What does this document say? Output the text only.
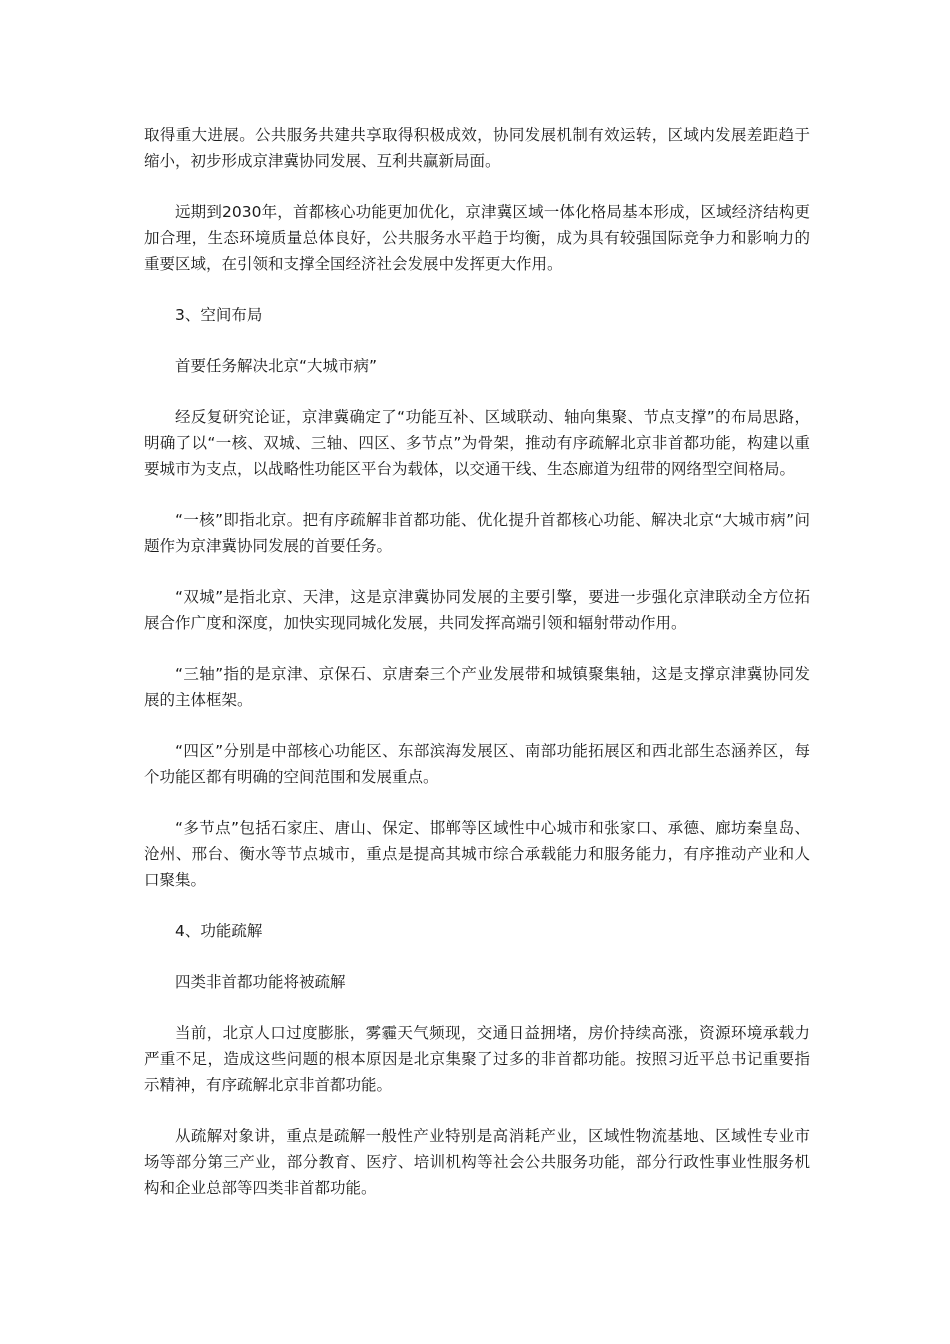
取得重大进展。公共服务共建共享取得积极成效，协同发展机制有效运转，区域内发展差距趋于缩小，初步形成京津冀协同发展、互利共赢新局面。

远期到2030年，首都核心功能更加优化，京津冀区域一体化格局基本形成，区域经济结构更加合理，生态环境质量总体良好，公共服务水平趋于均衡，成为具有较强国际竞争力和影响力的重要区域，在引领和支撑全国经济社会发展中发挥更大作用。

3、空间布局

首要任务解决北京“大城市病”

经反复研究论证，京津冀确定了“功能互补、区域联动、轴向集聚、节点支撑”的布局思路，明确了以“一核、双城、三轴、四区、多节点”为骨架，推动有序疏解北京非首都功能，构建以重要城市为支点，以战略性功能区平台为载体，以交通干线、生态廊道为纽带的网络型空间格局。

“一核”即指北京。把有序疏解非首都功能、优化提升首都核心功能、解决北京“大城市病”问题作为京津冀协同发展的首要任务。

“双城”是指北京、天津，这是京津冀协同发展的主要引擎，要进一步强化京津联动全方位拓展合作广度和深度，加快实现同城化发展，共同发挥高端引领和辐射带动作用。

“三轴”指的是京津、京保石、京唐秦三个产业发展带和城镇聚集轴，这是支撑京津冀协同发展的主体框架。

“四区”分别是中部核心功能区、东部滨海发展区、南部功能拓展区和西北部生态涵养区，每个功能区都有明确的空间范围和发展重点。

“多节点”包括石家庄、唐山、保定、邯郸等区域性中心城市和张家口、承德、廊坊秦皇岛、沧州、邢台、衡水等节点城市，重点是提高其城市综合承载能力和服务能力，有序推动产业和人口聚集。

4、功能疏解

四类非首都功能将被疏解

当前，北京人口过度膨胀，雾霾天气频现，交通日益拥堵，房价持续高涨，资源环境承载力严重不足，造成这些问题的根本原因是北京集聚了过多的非首都功能。按照习近平总书记重要指示精神，有序疏解北京非首都功能。

从疏解对象讲，重点是疏解一般性产业特别是高消耗产业，区域性物流基地、区域性专业市场等部分第三产业，部分教育、医疗、培训机构等社会公共服务功能，部分行政性事业性服务机构和企业总部等四类非首都功能。
